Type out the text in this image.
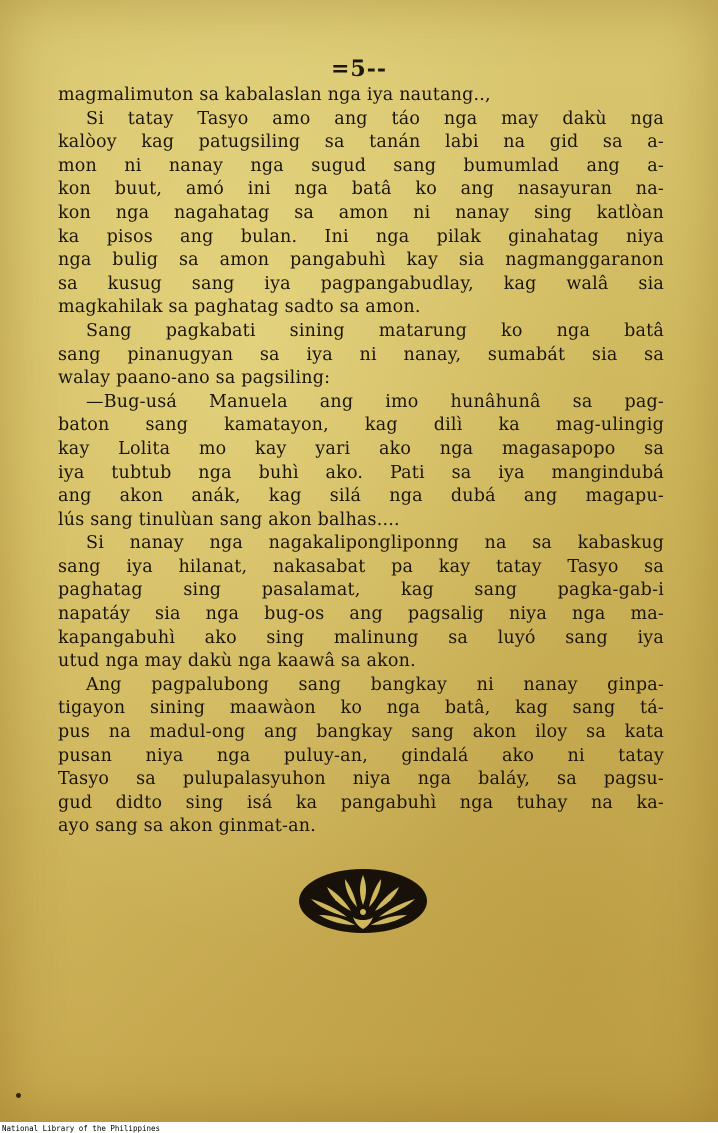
=5--
magmalimuton sa kabalaslan nga iya nautang..,
Si tatay Tasyo amo ang táo nga may dakù nga
kalòoy kag patugsiling sa tanán labi na gid sa a-
mon ni nanay nga sugud sang bumumlad ang a-
kon buut, amó ini nga batâ ko ang nasayuran na-
kon nga nagahatag sa amon ni nanay sing katlòan
ka pisos ang bulan. Ini nga pilak ginahatag niya
nga bulig sa amon pangabuhì kay sia nagmanggaranon
sa kusug sang iya pagpangabudlay, kag walâ sia
magkahilak sa paghatag sadto sa amon.
Sang pagkabati sining matarung ko nga batâ
sang pinanugyan sa iya ni nanay, sumabát sia sa
walay paano-ano sa pagsiling:
—Bug-usá Manuela ang imo hunâhunâ sa pag-
baton sang kamatayon, kag dilì ka mag-ulingig
kay Lolita mo kay yari ako nga magasapopo sa
iya tubtub nga buhì ako. Pati sa iya mangindubá
ang akon anák, kag silá nga dubá ang magapu-
lús sang tinulùan sang akon balhas....
Si nanay nga nagakalipongliponng na sa kabaskug
sang iya hilanat, nakasabat pa kay tatay Tasyo sa
paghatag sing pasalamat, kag sang pagka-gab-i
napatáy sia nga bug-os ang pagsalig niya nga ma-
kapangabuhì ako sing malinung sa luyó sang iya
utud nga may dakù nga kaawâ sa akon.
Ang pagpalubong sang bangkay ni nanay ginpa-
tigayon sining maawàon ko nga batâ, kag sang tá-
pus na madul-ong ang bangkay sang akon iloy sa kata
pusan niya nga puluy-an, gindalá ako ni tatay
Tasyo sa pulupalasyuhon niya nga baláy, sa pagsu-
gud didto sing isá ka pangabuhì nga tuhay na ka-
ayo sang sa akon ginmat-an.
National Library of the Philippines
